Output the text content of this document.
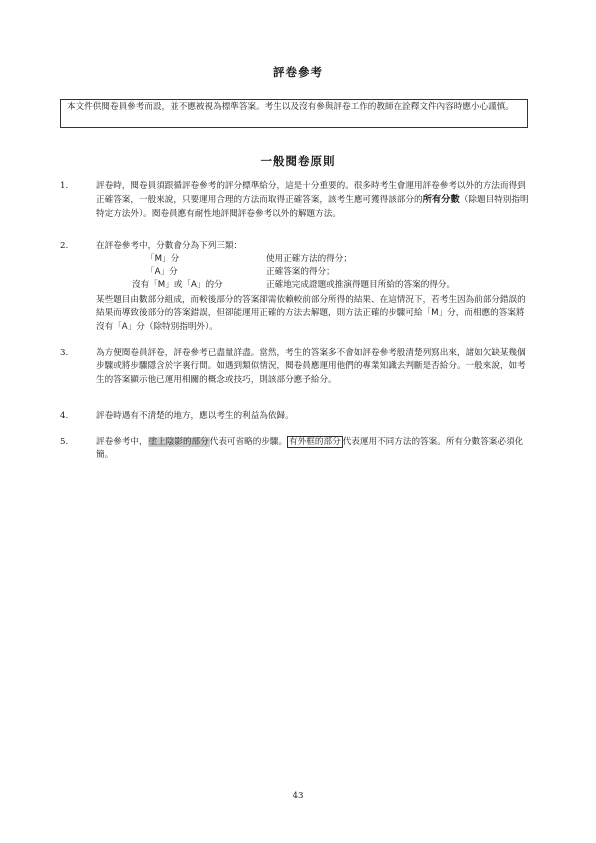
評卷參考
本文件供閱卷員參考而設，並不應被視為標準答案。考生以及沒有參與評卷工作的教師在詮釋文件內容時應小心謹慎。
一般閱卷原則
1.	評卷時，閱卷員須跟循評卷參考的評分標準給分，這是十分重要的。很多時考生會運用評卷參考以外的方法而得到正確答案，一般來說，只要運用合理的方法而取得正確答案，該考生應可獲得該部分的所有分數（除題目特別指明特定方法外）。閱卷員應有耐性地評閱評卷參考以外的解題方法。
2.	在評卷參考中，分數會分為下列三類：
「M」分	使用正確方法的得分；
「A」分	正確答案的得分；
沒有「M」或「A」的分	正確地完成證題或推演得題目所給的答案的得分。
某些題目由數部分組成，而較後部分的答案卻需依賴較前部分所得的結果、在這情況下，若考生因為前部分錯誤的結果而導致後部分的答案錯誤，但卻能運用正確的方法去解題，則方法正確的步驟可給「M」分，而相應的答案將沒有「A」分（除特別指明外）。
3.	為方便閱卷員評卷，評卷參考已盡量詳盡。當然，考生的答案多不會如評卷參考般清楚列寫出來，諸如欠缺某幾個步驟或將步驟隱含於字裏行間。如遇到類似情況，閱卷員應運用他們的專業知識去判斷是否給分。一般來說，如考生的答案顯示他已運用相關的概念或技巧，則該部分應予給分。
4.	評卷時遇有不清楚的地方，應以考生的利益為依歸。
5.	評卷參考中，塗上陰影的部分代表可省略的步驟。 有外框的部分 代表運用不同方法的答案。所有分數答案必須化簡。
43
